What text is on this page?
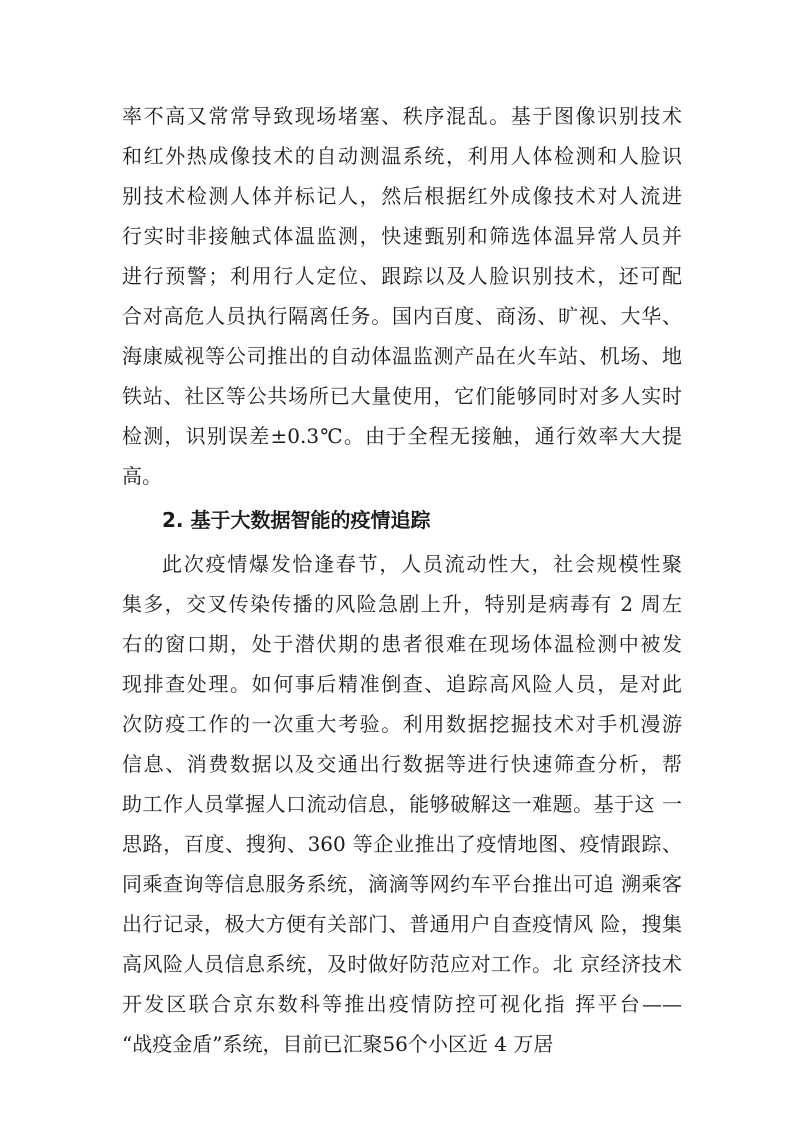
率不高又常常导致现场堵塞、秩序混乱。基于图像识别技术
和红外热成像技术的自动测温系统，利用人体检测和人脸识
别技术检测人体并标记人，然后根据红外成像技术对人流进
行实时非接触式体温监测，快速甄别和筛选体温异常人员并
进行预警；利用行人定位、跟踪以及人脸识别技术，还可配
合对高危人员执行隔离任务。国内百度、商汤、旷视、大华、
海康威视等公司推出的自动体温监测产品在火车站、机场、地
铁站、社区等公共场所已大量使用，它们能够同时对多人实时
检测，识别误差±0.3℃。由于全程无接触，通行效率大大提
高。
2. 基于大数据智能的疫情追踪
此次疫情爆发恰逢春节，人员流动性大，社会规模性聚
集多，交叉传染传播的风险急剧上升，特别是病毒有 2 周左
右的窗口期，处于潜伏期的患者很难在现场体温检测中被发
现排查处理。如何事后精准倒查、追踪高风险人员，是对此
次防疫工作的一次重大考验。利用数据挖掘技术对手机漫游
信息、消费数据以及交通出行数据等进行快速筛查分析，帮
助工作人员掌握人口流动信息，能够破解这一难题。基于这 一
思路，百度、搜狗、360 等企业推出了疫情地图、疫情跟踪、
同乘查询等信息服务系统，滴滴等网约车平台推出可追 溯乘客
出行记录，极大方便有关部门、普通用户自查疫情风 险，搜集
高风险人员信息系统，及时做好防范应对工作。北 京经济技术
开发区联合京东数科等推出疫情防控可视化指 挥平台——
“战疫金盾”系统，目前已汇聚56个小区近 4 万居
